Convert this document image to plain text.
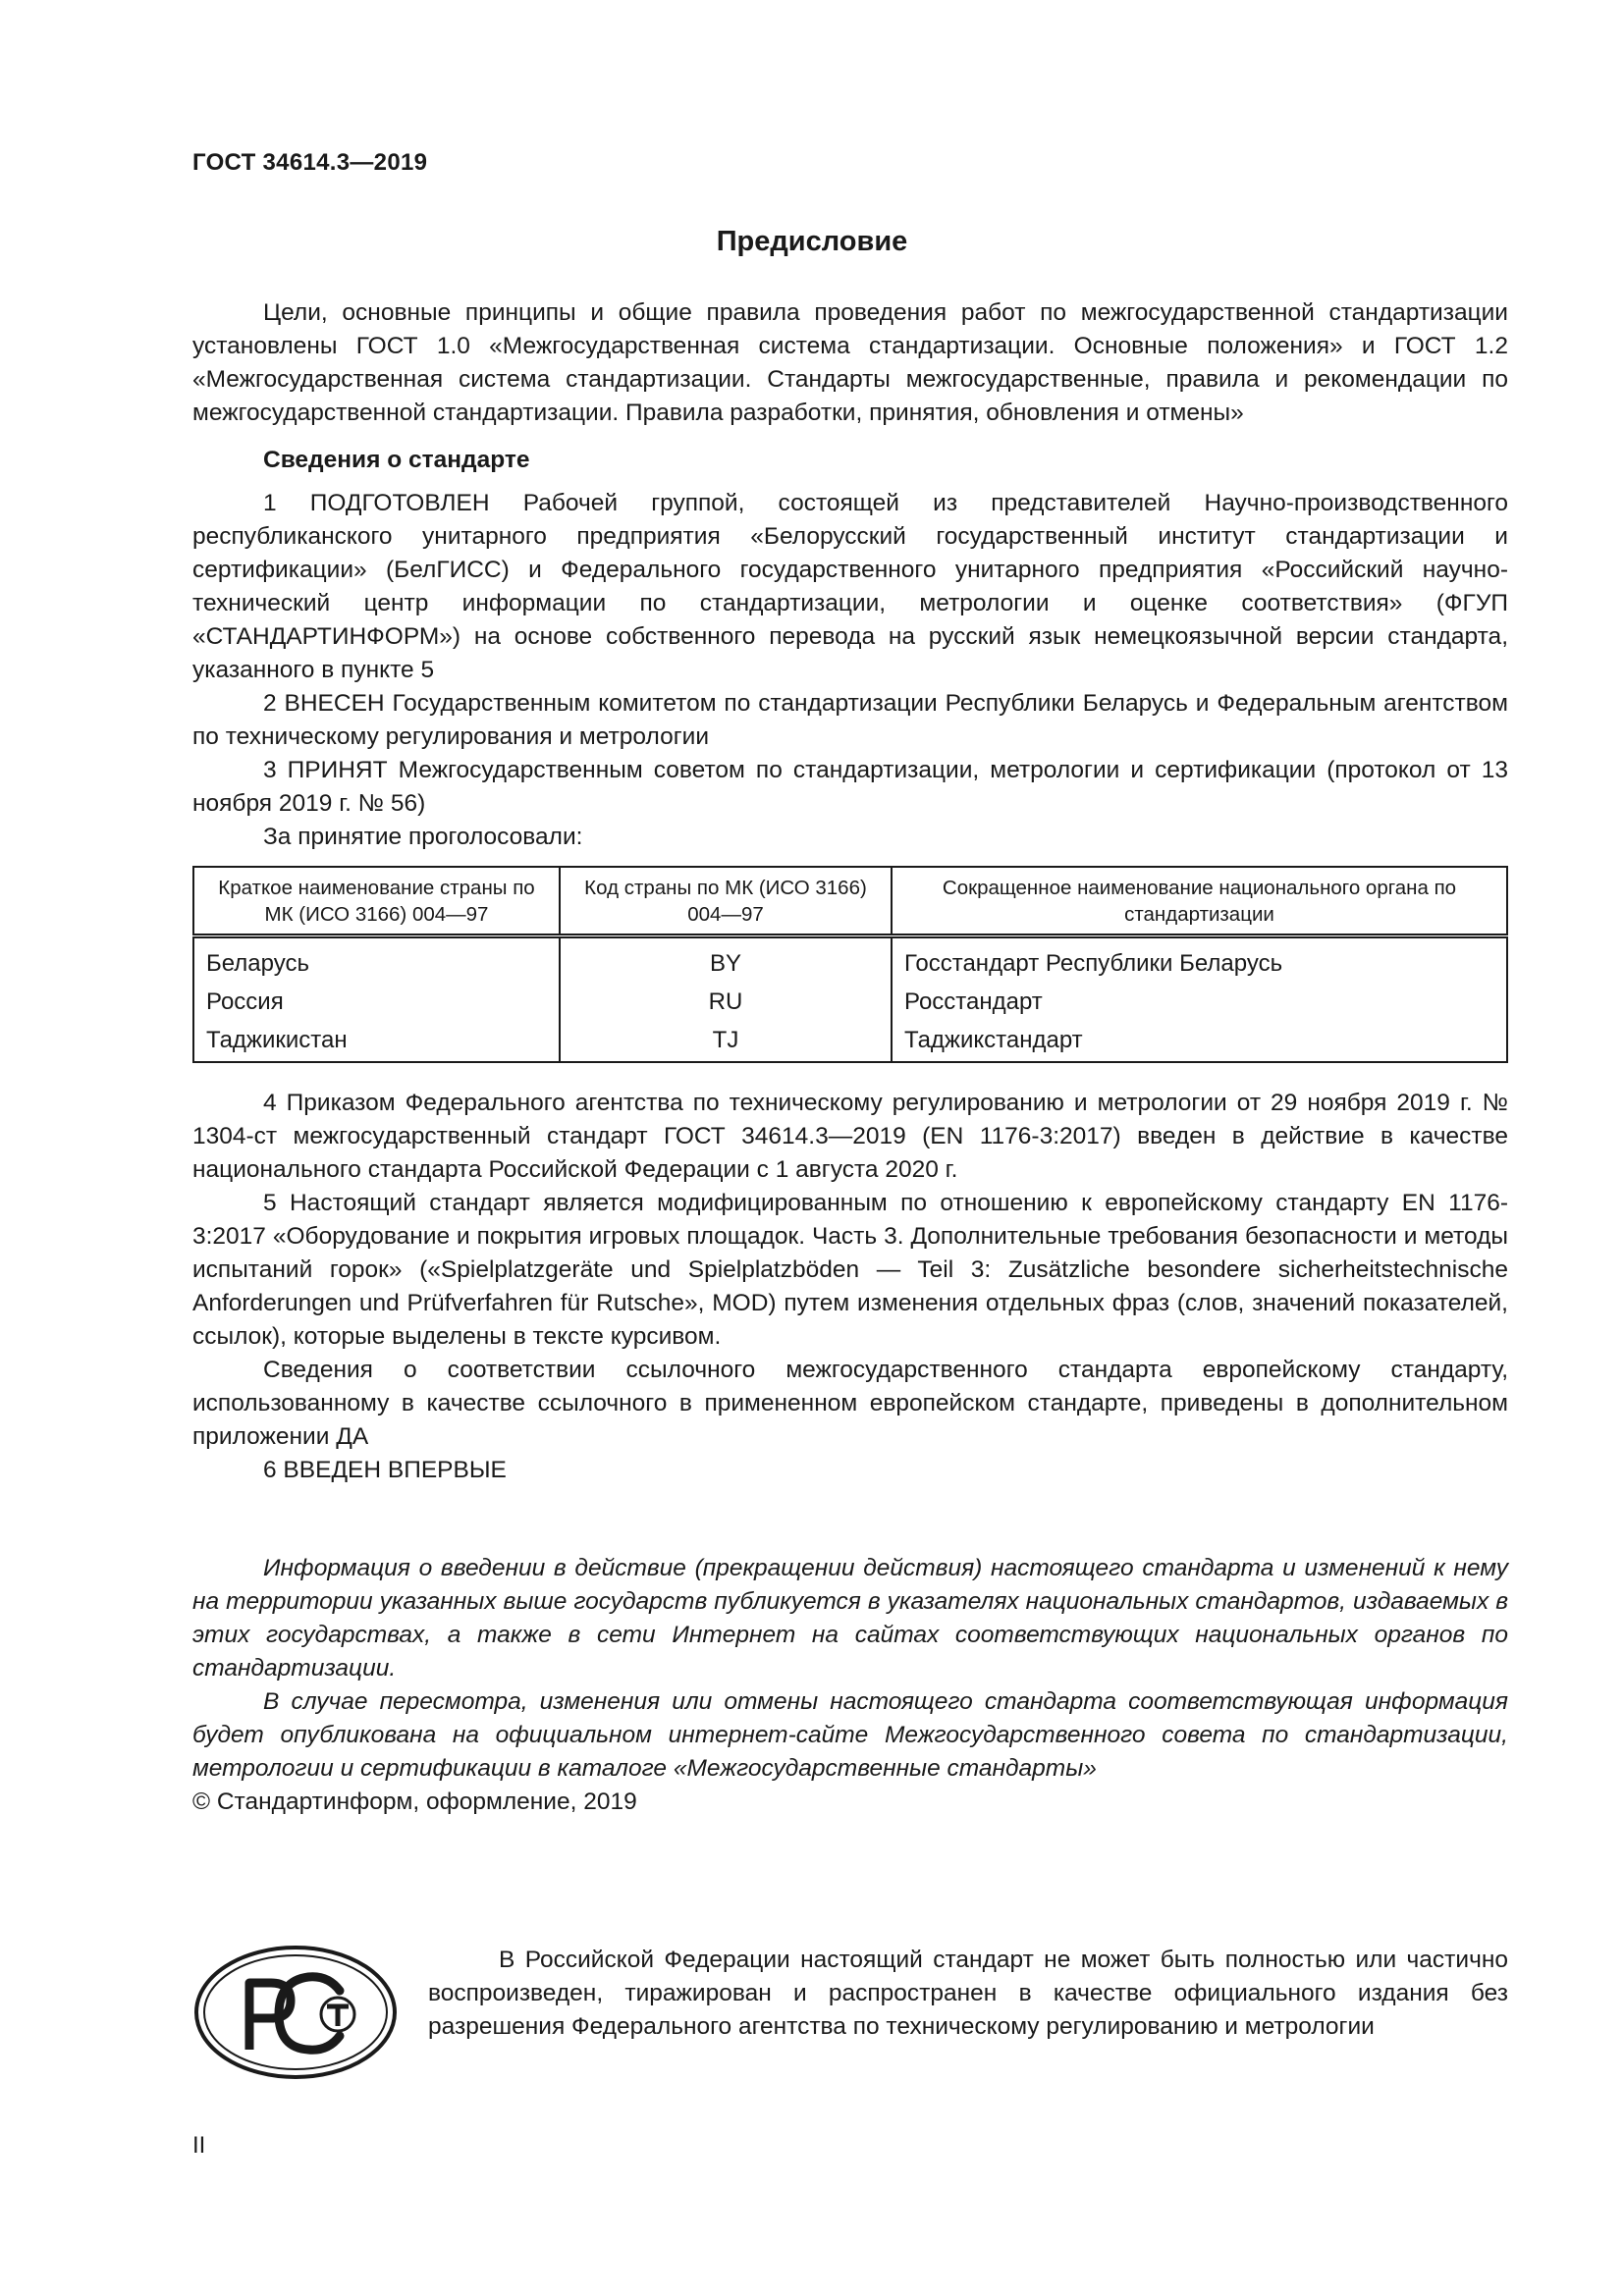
ГОСТ 34614.3—2019
Предисловие

Цели, основные принципы и общие правила проведения работ по межгосударственной стандартизации установлены ГОСТ 1.0 «Межгосударственная система стандартизации. Основные положения» и ГОСТ 1.2 «Межгосударственная система стандартизации. Стандарты межгосударственные, правила и рекомендации по межгосударственной стандартизации. Правила разработки, принятия, обновления и отмены»

Сведения о стандарте

1 ПОДГОТОВЛЕН Рабочей группой, состоящей из представителей Научно-производственного республиканского унитарного предприятия «Белорусский государственный институт стандартизации и сертификации» (БелГИСС) и Федерального государственного унитарного предприятия «Российский научно-технический центр информации по стандартизации, метрологии и оценке соответствия» (ФГУП «СТАНДАРТИНФОРМ») на основе собственного перевода на русский язык немецкоязычной версии стандарта, указанного в пункте 5

2 ВНЕСЕН Государственным комитетом по стандартизации Республики Беларусь и Федеральным агентством по техническому регулирования и метрологии

3 ПРИНЯТ Межгосударственным советом по стандартизации, метрологии и сертификации (протокол от 13 ноября 2019 г. № 56)

За принятие проголосовали:

Краткое наименование страны по МК (ИСО 3166) 004—97	Код страны по МК (ИСО 3166) 004—97	Сокращенное наименование национального органа по стандартизации
Беларусь	BY	Госстандарт Республики Беларусь
Россия	RU	Росстандарт
Таджикистан	TJ	Таджикстандарт

4 Приказом Федерального агентства по техническому регулированию и метрологии от 29 ноября 2019 г. № 1304-ст межгосударственный стандарт ГОСТ 34614.3—2019 (EN 1176-3:2017) введен в действие в качестве национального стандарта Российской Федерации с 1 августа 2020 г.

5 Настоящий стандарт является модифицированным по отношению к европейскому стандарту EN 1176-3:2017 «Оборудование и покрытия игровых площадок. Часть 3. Дополнительные требования безопасности и методы испытаний горок» («Spielplatzgeräte und Spielplatzböden — Teil 3: Zusätzliche besondere sicherheitstechnische Anforderungen und Prüfverfahren für Rutsche», MOD) путем изменения отдельных фраз (слов, значений показателей, ссылок), которые выделены в тексте курсивом.

Сведения о соответствии ссылочного межгосударственного стандарта европейскому стандарту, использованному в качестве ссылочного в примененном европейском стандарте, приведены в дополнительном приложении ДА

6 ВВЕДЕН ВПЕРВЫЕ

Информация о введении в действие (прекращении действия) настоящего стандарта и изменений к нему на территории указанных выше государств публикуется в указателях национальных стандартов, издаваемых в этих государствах, а также в сети Интернет на сайтах соответствующих национальных органов по стандартизации.

В случае пересмотра, изменения или отмены настоящего стандарта соответствующая информация будет опубликована на официальном интернет-сайте Межгосударственного совета по стандартизации, метрологии и сертификации в каталоге «Межгосударственные стандарты»

© Стандартинформ, оформление, 2019

РСТ

В Российской Федерации настоящий стандарт не может быть полностью или частично воспроизведен, тиражирован и распространен в качестве официального издания без разрешения Федерального агентства по техническому регулированию и метрологии

II
